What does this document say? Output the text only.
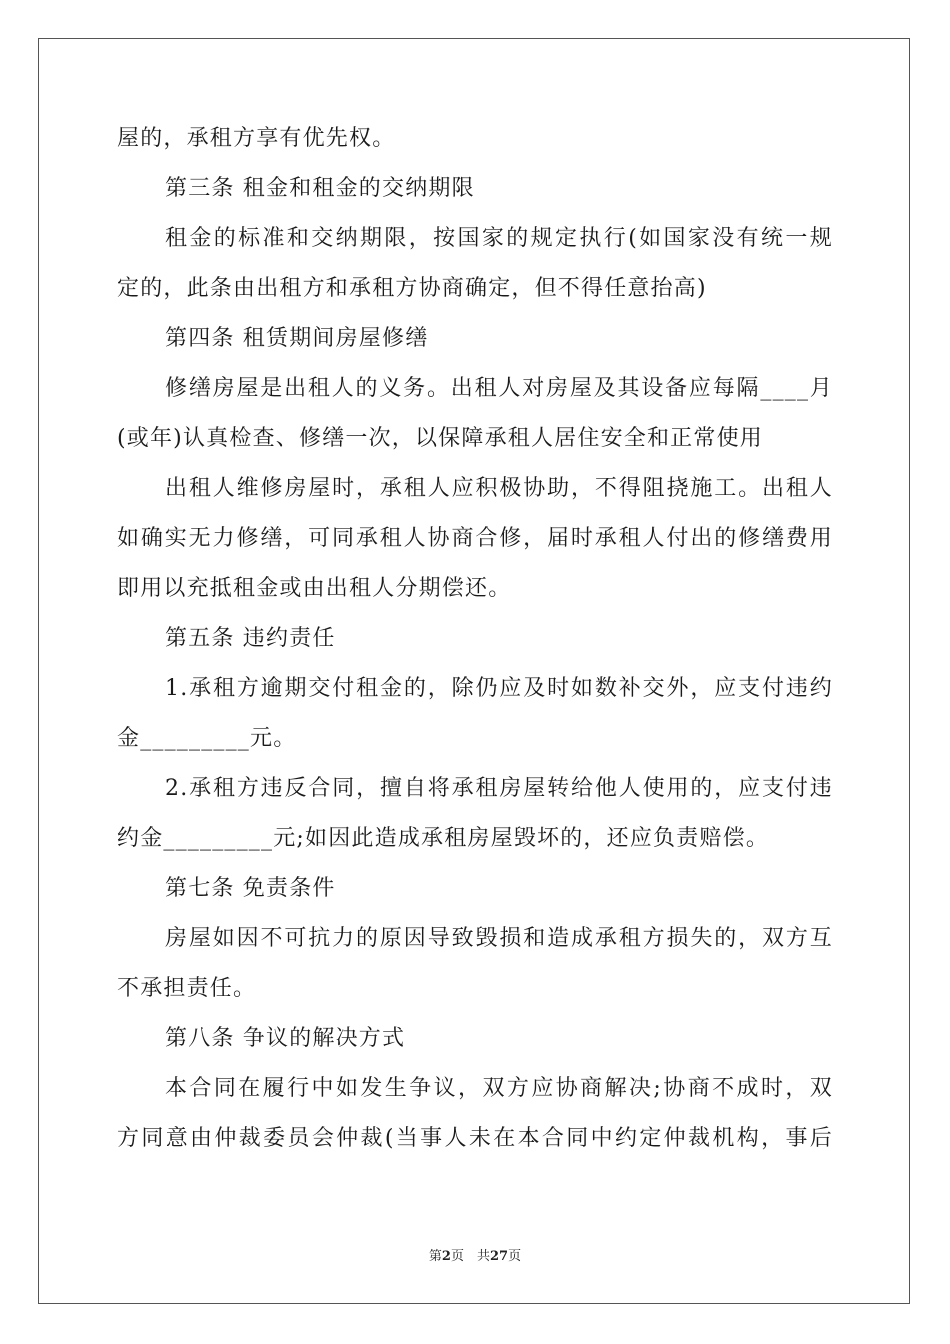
屋的，承租方享有优先权。
第三条 租金和租金的交纳期限
租金的标准和交纳期限，按国家的规定执行(如国家没有统一规
定的，此条由出租方和承租方协商确定，但不得任意抬高)
第四条 租赁期间房屋修缮
修缮房屋是出租人的义务。出租人对房屋及其设备应每隔____月
(或年)认真检查、修缮一次，以保障承租人居住安全和正常使用
出租人维修房屋时，承租人应积极协助，不得阻挠施工。出租人
如确实无力修缮，可同承租人协商合修，届时承租人付出的修缮费用
即用以充抵租金或由出租人分期偿还。
第五条 违约责任
1.承租方逾期交付租金的，除仍应及时如数补交外，应支付违约
金_________元。
2.承租方违反合同，擅自将承租房屋转给他人使用的，应支付违
约金_________元;如因此造成承租房屋毁坏的，还应负责赔偿。
第七条 免责条件
房屋如因不可抗力的原因导致毁损和造成承租方损失的，双方互
不承担责任。
第八条 争议的解决方式
本合同在履行中如发生争议，双方应协商解决;协商不成时，双
方同意由仲裁委员会仲裁(当事人未在本合同中约定仲裁机构，事后
第2页　共27页
